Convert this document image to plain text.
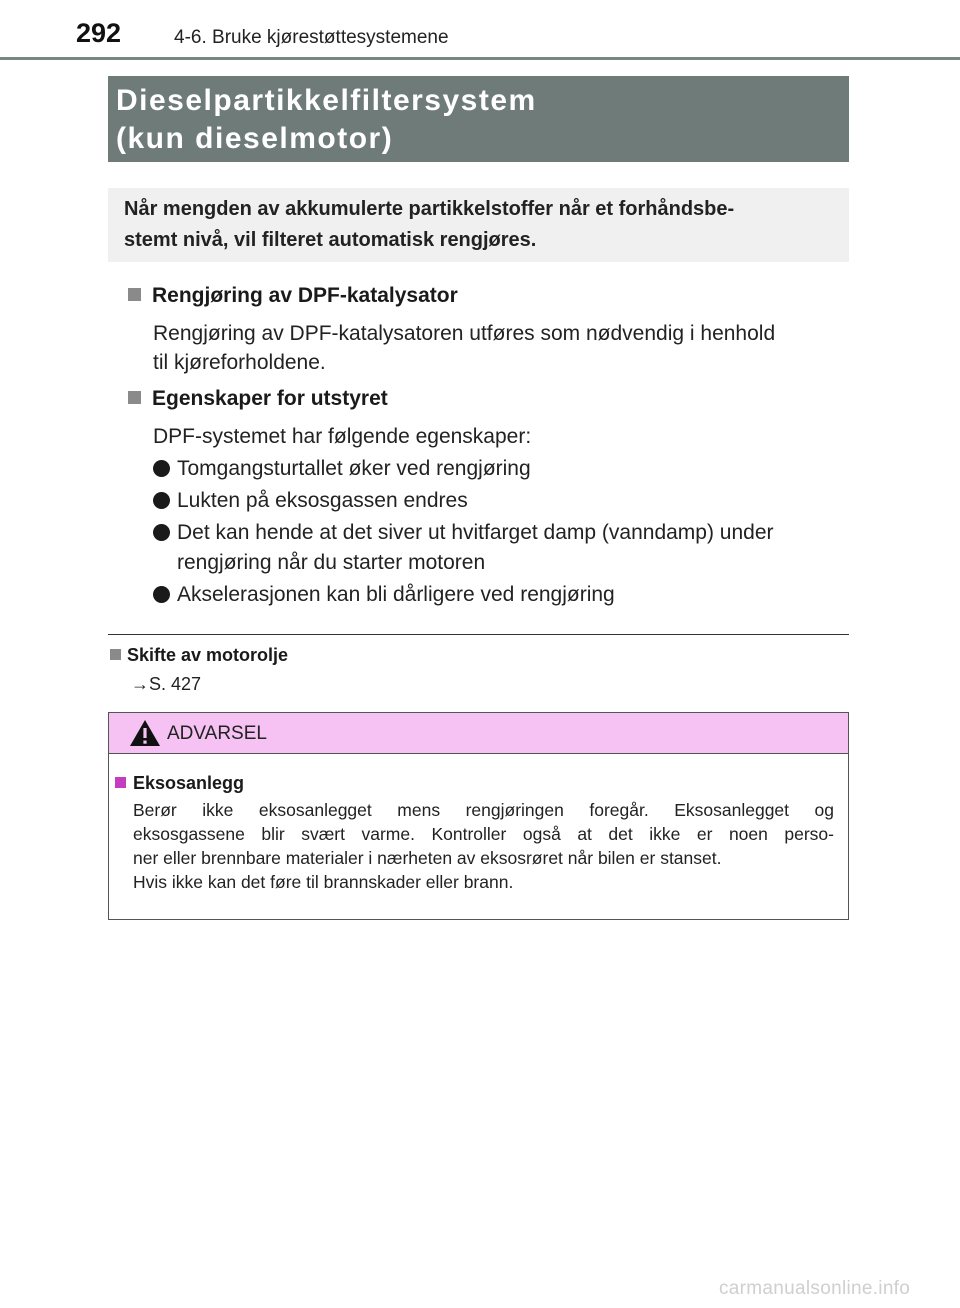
292	4-6. Bruke kjørestøttesystemene
Dieselpartikkelfiltersystem
(kun dieselmotor)
Når mengden av akkumulerte partikkelstoffer når et forhåndsbe-
stemt nivå, vil filteret automatisk rengjøres.
Rengjøring av DPF-katalysator
Rengjøring av DPF-katalysatoren utføres som nødvendig i henhold
til kjøreforholdene.
Egenskaper for utstyret
DPF-systemet har følgende egenskaper:
Tomgangsturtallet øker ved rengjøring
Lukten på eksosgassen endres
Det kan hende at det siver ut hvitfarget damp (vanndamp) under
rengjøring når du starter motoren
Akselerasjonen kan bli dårligere ved rengjøring
Skifte av motorolje
→S. 427
ADVARSEL
Eksosanlegg
Berør ikke eksosanlegget mens rengjøringen foregår. Eksosanlegget og
eksosgassene blir svært varme. Kontroller også at det ikke er noen perso-
ner eller brennbare materialer i nærheten av eksosrøret når bilen er stanset.
Hvis ikke kan det føre til brannskader eller brann.
carmanualsonline.info
